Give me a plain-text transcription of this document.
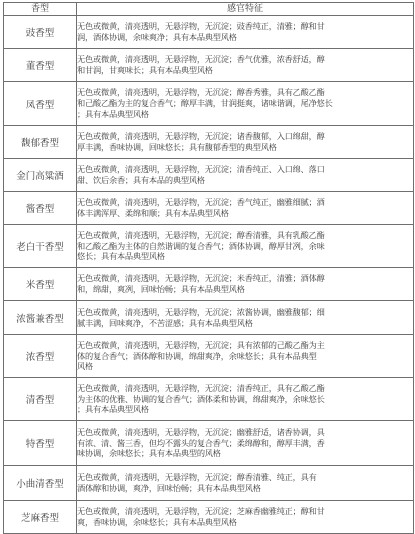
香型	感官特征
豉香型	无色或微黄，清亮透明，无悬浮物，无沉淀；豉香纯正，清雅；醇和甘
润，酒体协调，余味爽净；具有本品典型风格

董香型	无色或微黄，清亮透明，无悬浮物，无沉淀；香气优雅，浓香舒适，醇
和甘润，甘爽味长；具有本品典型风格

凤香型	无色或微黄，清亮透明，无悬浮物，无沉淀；醇香秀雅，具有乙酸乙酯
和己酸乙酯为主的复合香气；醇厚丰满，甘润挺爽，诸味谐调，尾净悠长
；具有本品典型风格

馥郁香型	无色或微黄，清亮透明，无悬浮物，无沉淀；诸香馥郁，入口绵甜，醇
厚丰满，香味协调，回味悠长；具有馥郁香型的典型风格

金门高粱酒	无色或微黄，清亮透明，无悬浮物，无沉淀；清香纯正、入口绵、落口
甜、饮后余香；具有本品的典型风格

酱香型	无色或微黄，清亮透明，无悬浮物，无沉淀；香气纯正，幽雅细腻；酒
体丰满浑厚、柔绵和顺；具有本品典型风格

老白干香型	无色或微黄，清亮透明，无悬浮物，无沉淀；醇香清雅，具有乳酸乙酯
和乙酸乙酯为主体的自然谐调的复合香气；酒体协调，醇厚甘冽，余味
悠长；具有本品典型风格

米香型	无色或微黄，清亮透明，无悬浮物，无沉淀；米香纯正，清雅；酒体醇
和，绵甜，爽冽，回味怡畅；具有本品典型风格

浓酱兼香型	无色或微黄，清亮透明，无悬浮物，无沉淀；浓酱协调，幽雅馥郁；细
腻丰满，回味爽净，不苦涩感；具有本品典型风格

浓香型	无色或微黄，清亮透明，无悬浮物，无沉淀；具有浓郁的己酸乙酯为主
体的复合香气；酒体醇和协调，绵甜爽净，余味悠长；具有本品典型
风格

清香型	无色或微黄，清亮透明，无悬浮物，无沉淀；清香纯正，具有乙酸乙酯
为主体的优雅、协调的复合香气；酒体柔和协调，绵甜爽净，余味悠长
；具有本品典型风格

特香型	无色或微黄，清亮透明，无悬浮物，无沉淀；幽雅舒适，诸香协调，具
有浓、清、酱三香，但均不露头的复合香气；柔绵醇和，醇厚丰满，香
味协调，余味悠长；具有本品典型的风格

小曲清香型	无色或微黄，清亮透明，无悬浮物，无沉淀；醇香清雅、纯正，具有
酒体醇和协调，爽净，回味怡畅；具有本品典型风格

芝麻香型	无色或微黄，清亮透明，无悬浮物，无沉淀；芝麻香幽雅纯正；醇和甘
爽，香味协调，余味悠长；具有本品典型风格
